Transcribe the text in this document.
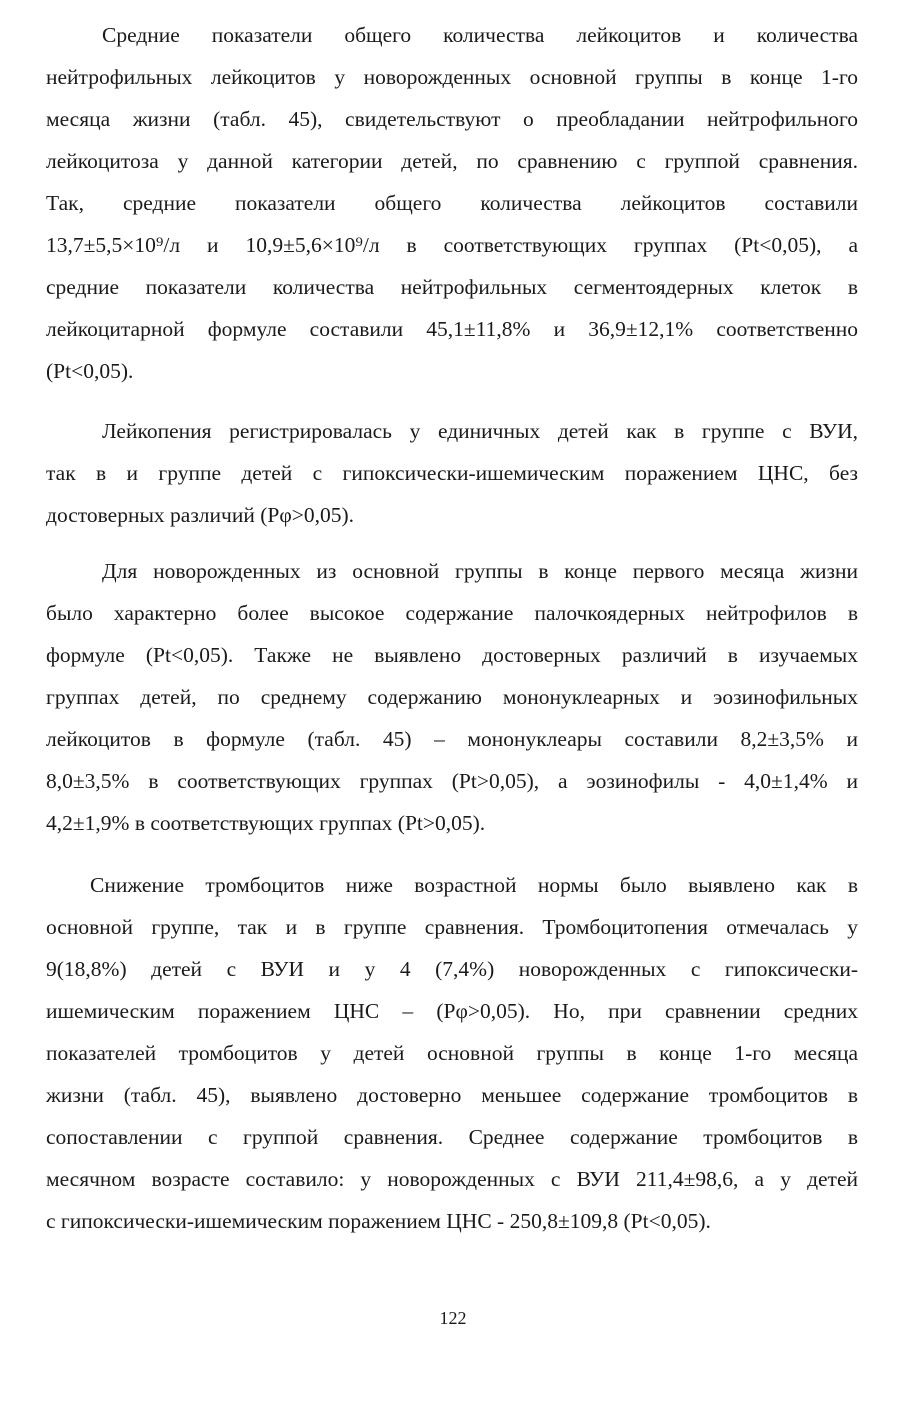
Средние показатели общего количества лейкоцитов и количества
нейтрофильных лейкоцитов у новорожденных основной группы в конце 1-го
месяца жизни (табл. 45), свидетельствуют о преобладании нейтрофильного
лейкоцитоза у данной категории детей, по сравнению с группой сравнения.
Так, средние показатели общего количества лейкоцитов составили
13,7±5,5×10⁹/л и 10,9±5,6×10⁹/л в соответствующих группах (Pt<0,05), а
средние показатели количества нейтрофильных сегментоядерных клеток в
лейкоцитарной формуле составили 45,1±11,8% и 36,9±12,1% соответственно
(Pt<0,05).
Лейкопения регистрировалась у единичных детей как в группе с ВУИ,
так в и группе детей с гипоксически-ишемическим поражением ЦНС, без
достоверных различий (Pφ>0,05).
Для новорожденных из основной группы в конце первого месяца жизни
было характерно более высокое содержание палочкоядерных нейтрофилов в
формуле (Pt<0,05). Также не выявлено достоверных различий в изучаемых
группах детей, по среднему содержанию мононуклеарных и эозинофильных
лейкоцитов в формуле (табл. 45) – мононуклеары составили 8,2±3,5% и
8,0±3,5% в соответствующих группах (Pt>0,05), а эозинофилы - 4,0±1,4% и
4,2±1,9% в соответствующих группах (Pt>0,05).
Снижение тромбоцитов ниже возрастной нормы было выявлено как в
основной группе, так и в группе сравнения. Тромбоцитопения отмечалась у
9(18,8%) детей с ВУИ и у 4 (7,4%) новорожденных с гипоксически-
ишемическим поражением ЦНС – (Pφ>0,05). Но, при сравнении средних
показателей тромбоцитов у детей основной группы в конце 1-го месяца
жизни (табл. 45), выявлено достоверно меньшее содержание тромбоцитов в
сопоставлении с группой сравнения. Среднее содержание тромбоцитов в
месячном возрасте составило: у новорожденных с ВУИ 211,4±98,6, а у детей
с гипоксически-ишемическим поражением ЦНС - 250,8±109,8 (Pt<0,05).
122
